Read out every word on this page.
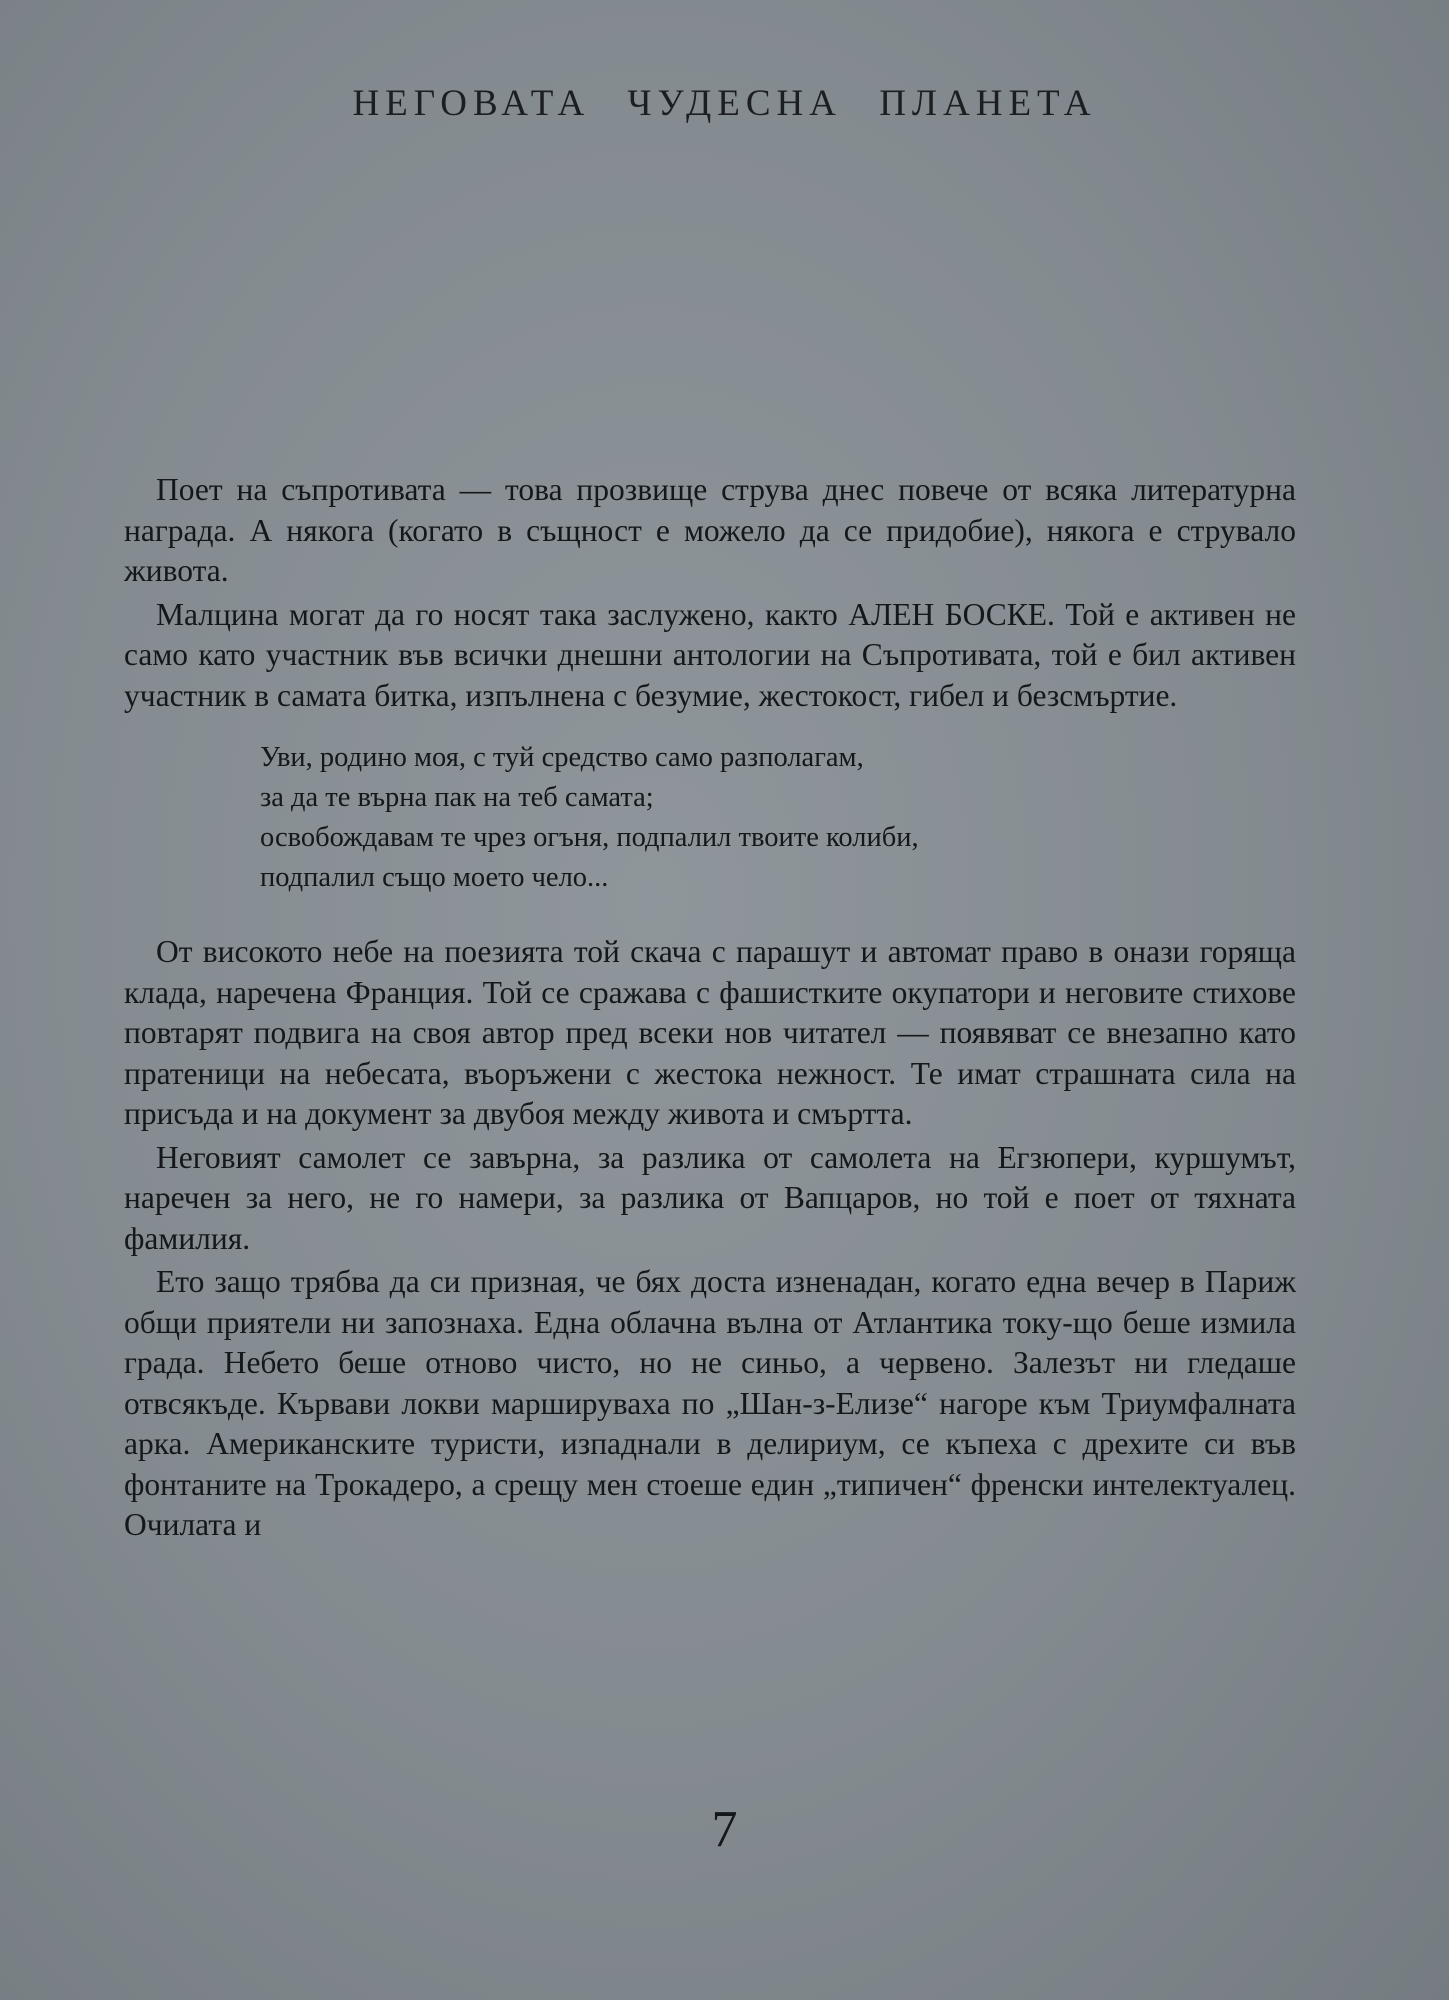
НЕГОВАТА ЧУДЕСНА ПЛАНЕТА

Поет на съпротивата — това прозвище струва днес повече от всяка литературна награда. А някога (когато в същност е можело да се придобие), някога е струвало живота.

Малцина могат да го носят така заслужено, както АЛЕН БОСКЕ. Той е активен не само като участник във всички днешни антологии на Съпротивата, той е бил активен участник в самата битка, изпълнена с безумие, жестокост, гибел и безсмъртие.

Уви, родино моя, с туй средство само разполагам,
за да те върна пак на теб самата;
освобождавам те чрез огъня, подпалил твоите колиби,
подпалил също моето чело...

От високото небе на поезията той скача с парашут и автомат право в онази горяща клада, наречена Франция. Той се сражава с фашистките окупатори и неговите стихове повтарят подвига на своя автор пред всеки нов читател — появяват се внезапно като пратеници на небесата, въоръжени с жестока нежност. Те имат страшната сила на присъда и на документ за двубоя между живота и смъртта.

Неговият самолет се завърна, за разлика от самолета на Егзюпери, куршумът, наречен за него, не го намери, за разлика от Вапцаров, но той е поет от тяхната фамилия.

Ето защо трябва да си призная, че бях доста изненадан, когато една вечер в Париж общи приятели ни запознаха. Една облачна вълна от Атлантика току-що беше измила града. Небето беше отново чисто, но не синьо, а червено. Залезът ни гледаше отвсякъде. Кървави локви маршируваха по „Шан-з-Елизе“ нагоре към Триумфалната арка. Американските туристи, изпаднали в делириум, се къпеха с дрехите си във фонтаните на Трокадеро, а срещу мен стоеше един „типичен“ френски интелектуалец. Очилата и

7
